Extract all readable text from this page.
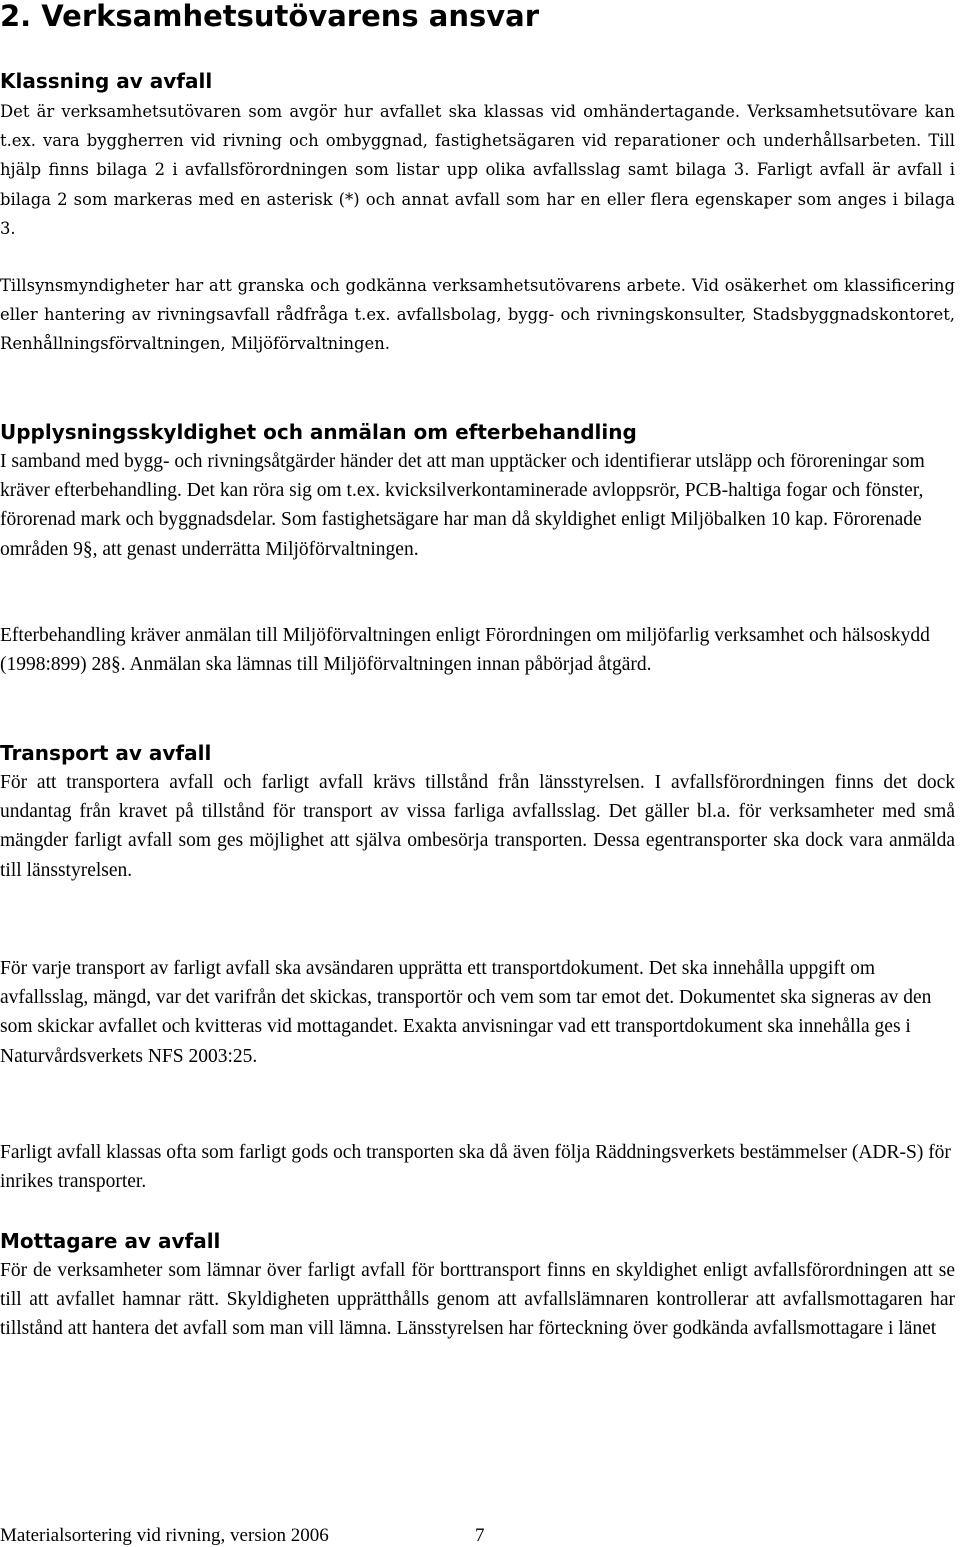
2. Verksamhetsutövarens ansvar
Klassning av avfall

Det är verksamhetsutövaren som avgör hur avfallet ska klassas vid omhändertagande. Verksamhetsutövare kan t.ex. vara byggherren vid rivning och ombyggnad, fastighetsägaren vid reparationer och underhållsarbeten. Till hjälp finns bilaga 2 i avfallsförordningen som listar upp olika avfallsslag samt bilaga 3. Farligt avfall är avfall i bilaga 2 som markeras med en asterisk (*) och annat avfall som har en eller flera egenskaper som anges i bilaga 3.

Tillsynsmyndigheter har att granska och godkänna verksamhetsutövarens arbete. Vid osäkerhet om klassificering eller hantering av rivningsavfall rådfråga t.ex. avfallsbolag, bygg- och rivningskonsulter, Stadsbyggnadskontoret, Renhållningsförvaltningen, Miljöförvaltningen.

Upplysningsskyldighet och anmälan om efterbehandling

I samband med bygg- och rivningsåtgärder händer det att man upptäcker och identifierar utsläpp och föroreningar som kräver efterbehandling. Det kan röra sig om t.ex. kvicksilverkontaminerade avloppsrör, PCB-haltiga fogar och fönster, förorenad mark och byggnadsdelar. Som fastighetsägare har man då skyldighet enligt Miljöbalken 10 kap. Förorenade områden 9§, att genast underrätta Miljöförvaltningen.

Efterbehandling kräver anmälan till Miljöförvaltningen enligt Förordningen om miljöfarlig verksamhet och hälsoskydd (1998:899) 28§. Anmälan ska lämnas till Miljöförvaltningen innan påbörjad åtgärd.

Transport av avfall

För att transportera avfall och farligt avfall krävs tillstånd från länsstyrelsen. I avfallsförordningen finns det dock undantag från kravet på tillstånd för transport av vissa farliga avfallsslag. Det gäller bl.a. för verksamheter med små mängder farligt avfall som ges möjlighet att själva ombesörja transporten. Dessa egentransporter ska dock vara anmälda till länsstyrelsen.

För varje transport av farligt avfall ska avsändaren upprätta ett transportdokument. Det ska innehålla uppgift om avfallsslag, mängd, var det varifrån det skickas, transportör och vem som tar emot det. Dokumentet ska signeras av den som skickar avfallet och kvitteras vid mottagandet. Exakta anvisningar vad ett transportdokument ska innehålla ges i Naturvårdsverkets NFS 2003:25.

Farligt avfall klassas ofta som farligt gods och transporten ska då även följa Räddningsverkets bestämmelser (ADR-S) för inrikes transporter.

Mottagare av avfall

För de verksamheter som lämnar över farligt avfall för borttransport finns en skyldighet enligt avfallsförordningen att se till att avfallet hamnar rätt. Skyldigheten upprätthålls genom att avfallslämnaren kontrollerar att avfallsmottagaren har tillstånd att hantera det avfall som man vill lämna. Länsstyrelsen har förteckning över godkända avfallsmottagare i länet

Materialsortering vid rivning, version 2006	7
